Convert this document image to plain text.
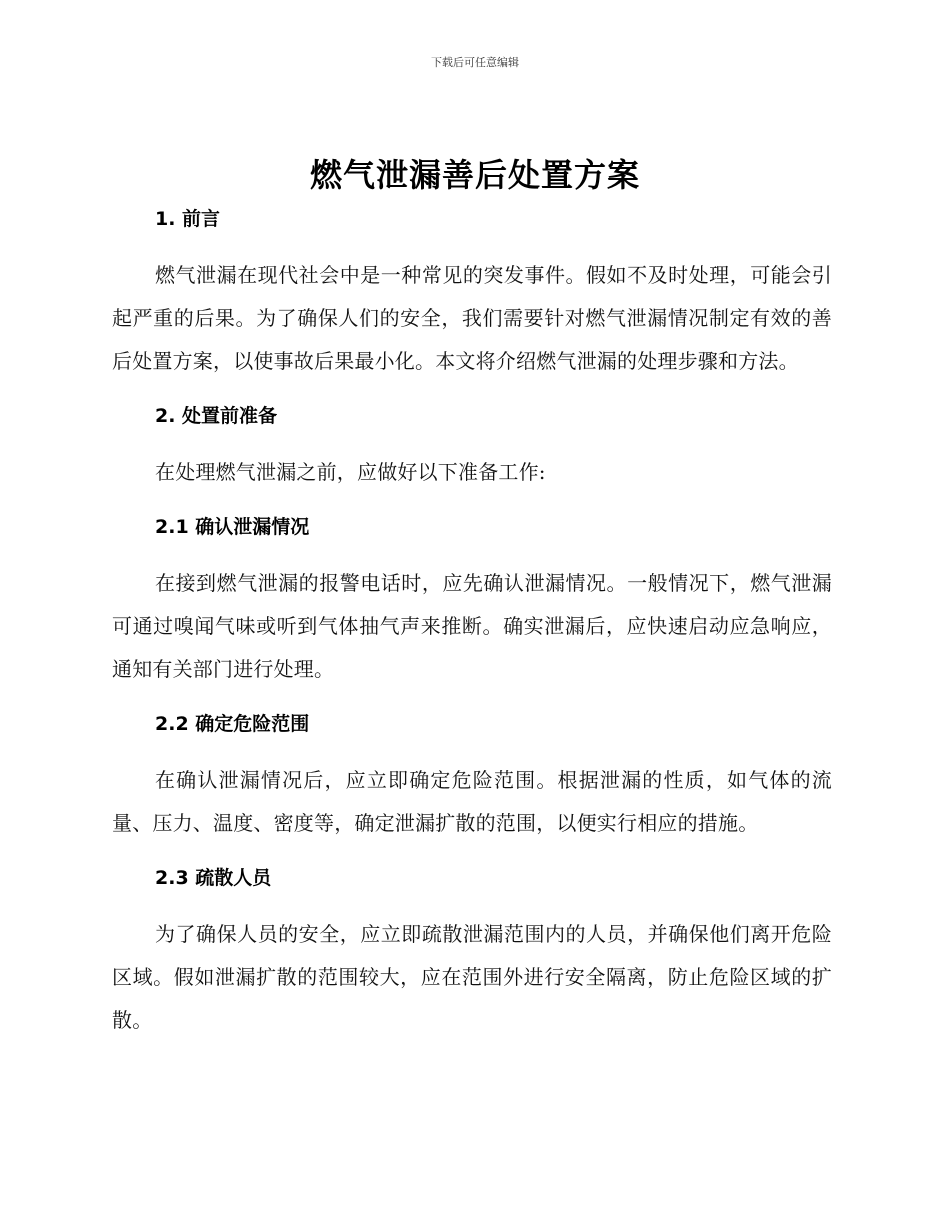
下载后可任意编辑
燃气泄漏善后处置方案
1. 前言

燃气泄漏在现代社会中是一种常见的突发事件。假如不及时处理，可能会引起严重的后果。为了确保人们的安全，我们需要针对燃气泄漏情况制定有效的善后处置方案，以使事故后果最小化。本文将介绍燃气泄漏的处理步骤和方法。

2. 处置前准备

在处理燃气泄漏之前，应做好以下准备工作:

2.1 确认泄漏情况

在接到燃气泄漏的报警电话时，应先确认泄漏情况。一般情况下，燃气泄漏可通过嗅闻气味或听到气体抽气声来推断。确实泄漏后，应快速启动应急响应，通知有关部门进行处理。

2.2 确定危险范围

在确认泄漏情况后，应立即确定危险范围。根据泄漏的性质，如气体的流量、压力、温度、密度等，确定泄漏扩散的范围，以便实行相应的措施。

2.3 疏散人员

为了确保人员的安全，应立即疏散泄漏范围内的人员，并确保他们离开危险区域。假如泄漏扩散的范围较大，应在范围外进行安全隔离，防止危险区域的扩散。
